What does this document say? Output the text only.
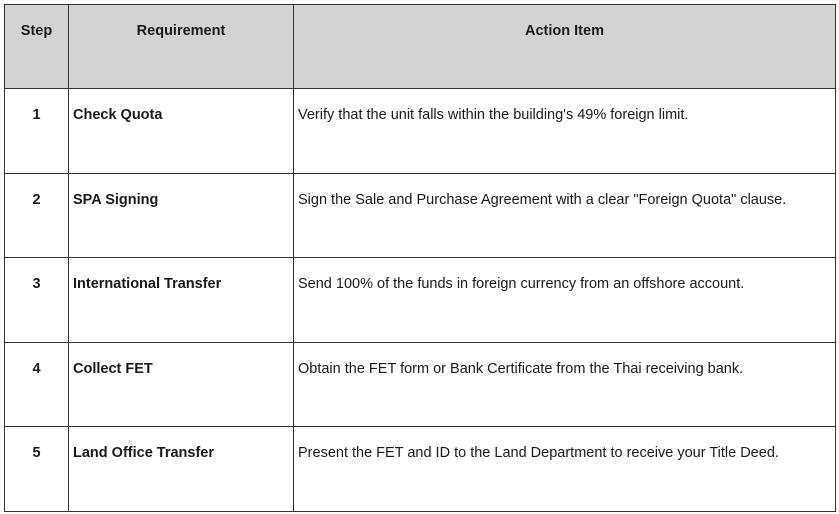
Step	Requirement	Action Item
1	Check Quota	Verify that the unit falls within the building's 49% foreign limit.
2	SPA Signing	Sign the Sale and Purchase Agreement with a clear "Foreign Quota" clause.
3	International Transfer	Send 100% of the funds in foreign currency from an offshore account.
4	Collect FET	Obtain the FET form or Bank Certificate from the Thai receiving bank.
5	Land Office Transfer	Present the FET and ID to the Land Department to receive your Title Deed.
